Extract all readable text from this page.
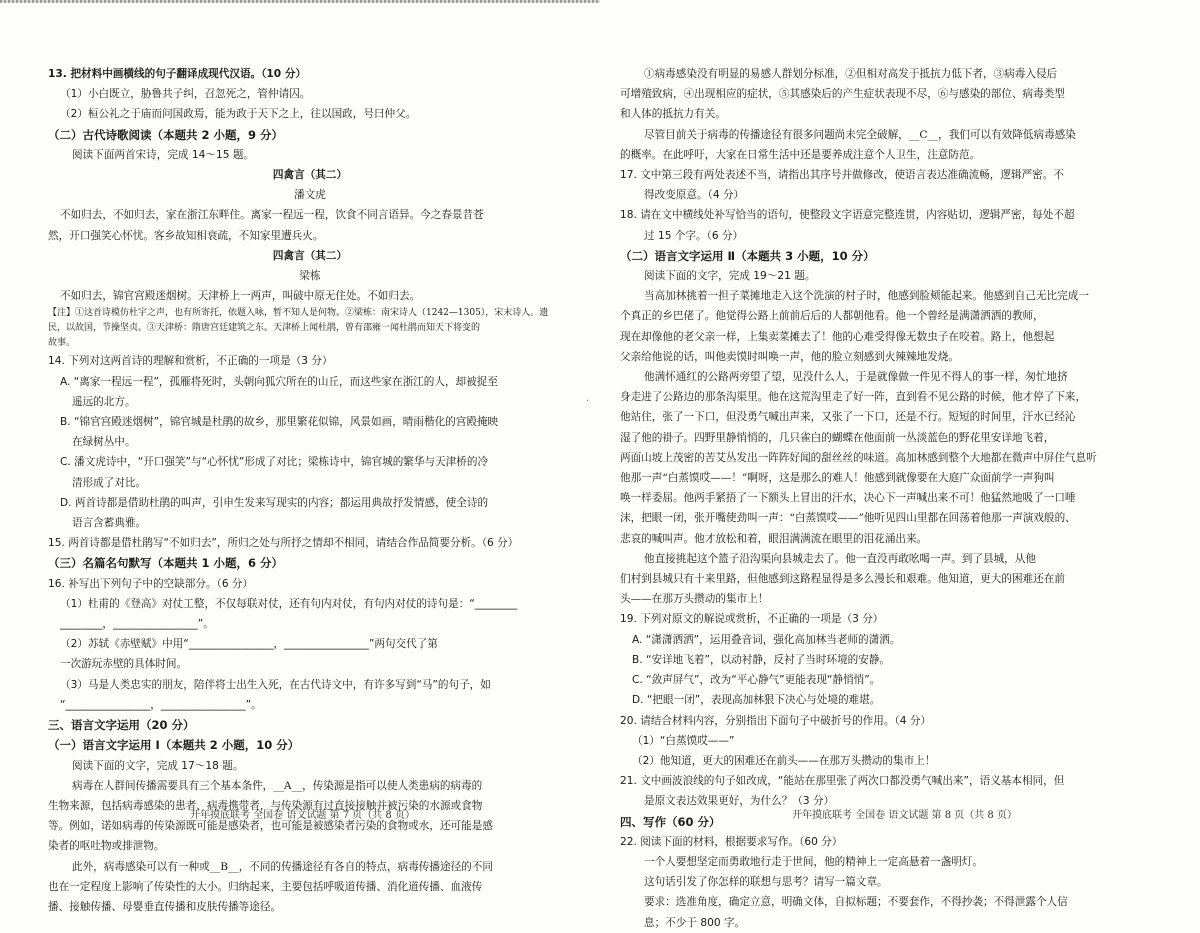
13. 把材料中画横线的句子翻译成现代汉语。（10 分）

（1）小白既立，胁鲁共子纠，召忽死之，管仲请囚。

（2）桓公礼之于庙而问国政焉，能为政于天下之上，往以国政，号曰仲父。

（二）古代诗歌阅读（本题共 2 小题，9 分）

阅读下面两首宋诗，完成 14～15 题。

四禽言（其二）

潘文虎

不如归去，不如归去，家在浙江东畔住。离家一程远一程，饮食不同言语异。今之春景昔苍

然，开口强笑心怀忧。客乡故知相衰疏，不知家里遭兵火。

四禽言（其二）

梁栋

不如归去，锦官宫殿迷烟树。天津桥上一两声，叫破中原无住处。不如归去。

【注】①这首诗模仿杜宇之声，也有所寄托，依题入咏，暂不知人是何物。②梁栋：南宋诗人（1242—1305），宋末诗人。遗

民，以故国，节操坚贞。③天津桥：隋唐宫廷建筑之东。天津桥上闻杜鹃，曾有邵雍一闻杜鹃而知天下将变的

故事。

14. 下列对这两首诗的理解和赏析，不正确的一项是（3 分）

A. “离家一程远一程”，孤雁将死时，头朝向狐穴所在的山丘，而这些家在浙江的人，却被捉至

遥远的北方。

B. “锦官宫殿迷烟树”，锦官城是杜鹃的故乡，那里繁花似锦，风景如画，晴雨楷化的宫殿掩映

在绿树丛中。

C. 潘文虎诗中，“开口强笑”与“心怀忧”形成了对比；梁栋诗中，锦官城的繁华与天津桥的冷

清形成了对比。

D. 两首诗都是借助杜鹃的叫声，引申生发来写现实的内容；都运用典故抒发情感，使全诗的

语言含蓄典雅。

15. 两首诗都是借杜鹃写“不如归去”，所归之处与所抒之情却不相同，请结合作品简要分析。（6 分）

（三）名篇名句默写（本题共 1 小题，6 分）

16. 补写出下列句子中的空缺部分。（6 分）

（1）杜甫的《登高》对仗工整，不仅每联对仗，还有句内对仗，有句内对仗的诗句是：“________

________，________________”。

（2）苏轼《赤壁赋》中用“________________，________________”两句交代了第

一次游玩赤壁的具体时间。

（3）马是人类忠实的朋友，陪伴将士出生入死，在古代诗文中，有许多写到“马”的句子，如

“________________，________________”。

三、语言文字运用（20 分）

（一）语言文字运用 Ⅰ（本题共 2 小题，10 分）

阅读下面的文字，完成 17～18 题。

病毒在人群间传播需要具有三个基本条件，__A__，传染源是指可以使人类患病的病毒的

生物来源，包括病毒感染的患者、病毒携带者，与传染源有过直接接触并被污染的水源或食物

等。例如，诺如病毒的传染源既可能是感染者，也可能是被感染者污染的食物或水，还可能是感

染者的呕吐物或排泄物。

此外，病毒感染可以有一种或__B__，不同的传播途径有各自的特点，病毒传播途径的不同

也在一定程度上影响了传染性的大小。归纳起来，主要包括呼吸道传播、消化道传播、血液传

播、接触传播、母婴垂直传播和皮肤传播等途径。

·

①病毒感染没有明显的易感人群划分标准，②但相对高发于抵抗力低下者，③病毒入侵后

可增殖致病，④出现相应的症状，⑤其感染后的产生症状表现不尽，⑥与感染的部位、病毒类型

和人体的抵抗力有关。

尽管目前关于病毒的传播途径有很多问题尚未完全破解，__C__，我们可以有效降低病毒感染

的概率。在此呼吁，大家在日常生活中还是要养成注意个人卫生，注意防范。

17. 文中第三段有两处表述不当，请指出其序号并做修改，使语言表达准确流畅，逻辑严密。不

得改变原意。（4 分）

18. 请在文中横线处补写恰当的语句，使整段文字语意完整连贯，内容贴切，逻辑严密，每处不超

过 15 个字。（6 分）

（二）语言文字运用 Ⅱ（本题共 3 小题，10 分）

阅读下面的文字，完成 19～21 题。

当高加林挑着一担子菜摊地走入这个洗演的村子时，他感到脸颊能起来。他感到自己无比完成一

个真正的乡巴佬了。他觉得公路上前前后后的人都朝他看。他一个曾经是满潇洒洒的教师，

现在却像他的老父亲一样，上集卖菜摊去了！他的心难受得像无数虫子在咬着。路上，他想起

父亲给他说的话，叫他卖馍时叫唤一声，他的脸立刻感到火辣辣地发烧。

他满怀通红的公路两旁望了望，见没什么人，于是就像做一件见不得人的事一样，匆忙地挤

身走进了公路边的那条沟渠里。他在这荒沟里走了好一阵，直到看不见公路的时候，他才停了下来，

他站住，张了一下口，但没勇气喊出声来，又张了一下口，还是不行。短短的时间里，汗水已经沁

湿了他的褂子。四野里静悄悄的，几只雀白的蝴蝶在他面前一丛淡蓝色的野花里安详地飞着，

两面山坡上茂密的苦艾丛发出一阵阵好闻的甜丝丝的味道。高加林感到整个大地都在微声中屏住气息听

他那一声“白蒸馍哎——！”啊呀，这是那么的难人！他感到就像要在大庭广众面前学一声狗叫

唤一样委屈。他两手紧捂了一下额头上冒出的汗水，决心下一声喊出来不可！他猛然地吸了一口唾

沫，把眼一闭，张开嘴使劲叫一声：“白蒸馍哎——”他听见四山里都在回荡着他那一声演戏般的、

悲哀的喊叫声。他才放松和着，眼泪满满流在眼里的泪花涌出来。

他直接挑起这个篮子沿沟渠向县城走去了。他一直没再敢吆喝一声。到了县城，从他

们村到县城只有十来里路，但他感到这路程显得是多么漫长和艰难。他知道，更大的困难还在前

头——在那万头攒动的集市上！

19. 下列对原文的解说或赏析，不正确的一项是（3 分）

A. “潇潇洒洒”，运用叠音词，强化高加林当老师的潇洒。

B. “安详地飞着”，以动衬静，反衬了当时环境的安静。

C. “敛声屏气”，改为“平心静气”更能表现“静悄悄”。

D. “把眼一闭”，表现高加林狠下决心与处境的难堪。

20. 请结合材料内容，分别指出下面句子中破折号的作用。（4 分）

（1）“白蒸馍哎——”

（2）他知道，更大的困难还在前头——在那万头攒动的集市上！

21. 文中画波浪线的句子如改成，“能站在那里张了两次口都没勇气喊出来”，语义基本相同，但

是原文表达效果更好，为什么？（3 分）

四、写作（60 分）

22. 阅读下面的材料，根据要求写作。（60 分）

一个人要想坚定而勇敢地行走于世间，他的精神上一定高悬着一盏明灯。

这句话引发了你怎样的联想与思考？请写一篇文章。

要求：选准角度，确定立意，明确文体，自拟标题；不要套作，不得抄袭；不得泄露个人信

息；不少于 800 字。

开年摸底联考 全国卷 语文试题 第 7 页（共 8 页）	开年摸底联考 全国卷 语文试题 第 8 页（共 8 页）
